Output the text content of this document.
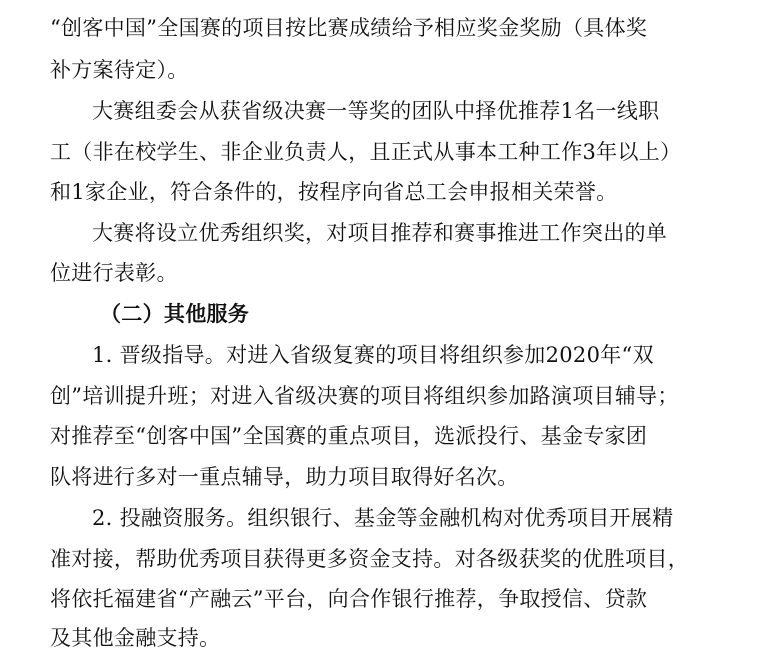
“创客中国”全国赛的项目按比赛成绩给予相应奖金奖励（具体奖
补方案待定）。
大赛组委会从获省级决赛一等奖的团队中择优推荐1名一线职
工（非在校学生、非企业负责人，且正式从事本工种工作3年以上）
和1家企业，符合条件的，按程序向省总工会申报相关荣誉。
大赛将设立优秀组织奖，对项目推荐和赛事推进工作突出的单
位进行表彰。
（二）其他服务
1. 晋级指导。对进入省级复赛的项目将组织参加2020年“双
创”培训提升班；对进入省级决赛的项目将组织参加路演项目辅导；
对推荐至“创客中国”全国赛的重点项目，选派投行、基金专家团
队将进行多对一重点辅导，助力项目取得好名次。
2. 投融资服务。组织银行、基金等金融机构对优秀项目开展精
准对接，帮助优秀项目获得更多资金支持。对各级获奖的优胜项目，
将依托福建省“产融云”平台，向合作银行推荐，争取授信、贷款
及其他金融支持。
